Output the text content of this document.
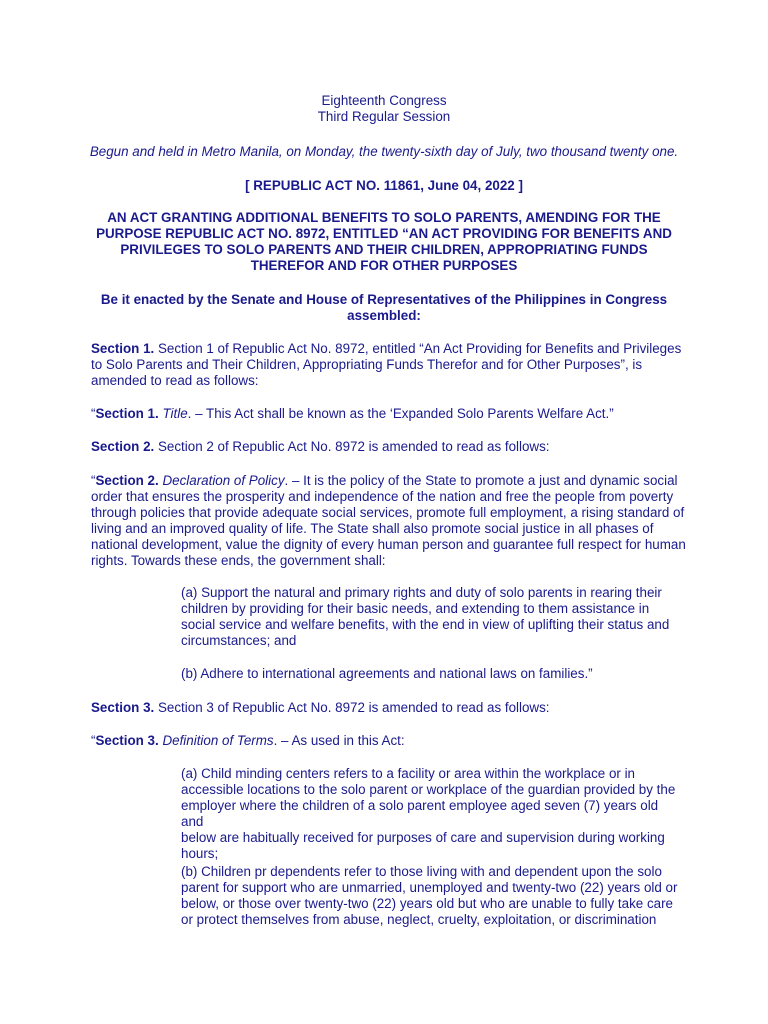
Eighteenth Congress

Third Regular Session

Begun and held in Metro Manila, on Monday, the twenty-sixth day of July, two thousand twenty one.

[ REPUBLIC ACT NO. 11861, June 04, 2022 ]

AN ACT GRANTING ADDITIONAL BENEFITS TO SOLO PARENTS, AMENDING FOR THE

PURPOSE REPUBLIC ACT NO. 8972, ENTITLED “AN ACT PROVIDING FOR BENEFITS AND

PRIVILEGES TO SOLO PARENTS AND THEIR CHILDREN, APPROPRIATING FUNDS

THEREFOR AND FOR OTHER PURPOSES

Be it enacted by the Senate and House of Representatives of the Philippines in Congress

assembled:

Section 1. Section 1 of Republic Act No. 8972, entitled “An Act Providing for Benefits and Privileges

to Solo Parents and Their Children, Appropriating Funds Therefor and for Other Purposes”, is

amended to read as follows:

“Section 1. Title. – This Act shall be known as the ‘Expanded Solo Parents Welfare Act.”

Section 2. Section 2 of Republic Act No. 8972 is amended to read as follows:

“Section 2. Declaration of Policy. – It is the policy of the State to promote a just and dynamic social

order that ensures the prosperity and independence of the nation and free the people from poverty

through policies that provide adequate social services, promote full employment, a rising standard of

living and an improved quality of life. The State shall also promote social justice in all phases of

national development, value the dignity of every human person and guarantee full respect for human

rights. Towards these ends, the government shall:

(a) Support the natural and primary rights and duty of solo parents in rearing their

children by providing for their basic needs, and extending to them assistance in

social service and welfare benefits, with the end in view of uplifting their status and

circumstances; and

(b) Adhere to international agreements and national laws on families.”

Section 3. Section 3 of Republic Act No. 8972 is amended to read as follows:

“Section 3. Definition of Terms. – As used in this Act:

(a) Child minding centers refers to a facility or area within the workplace or in

accessible locations to the solo parent or workplace of the guardian provided by the

employer where the children of a solo parent employee aged seven (7) years old and

below are habitually received for purposes of care and supervision during working

hours;

(b) Children pr dependents refer to those living with and dependent upon the solo

parent for support who are unmarried, unemployed and twenty-two (22) years old or

below, or those over twenty-two (22) years old but who are unable to fully take care

or protect themselves from abuse, neglect, cruelty, exploitation, or discrimination
